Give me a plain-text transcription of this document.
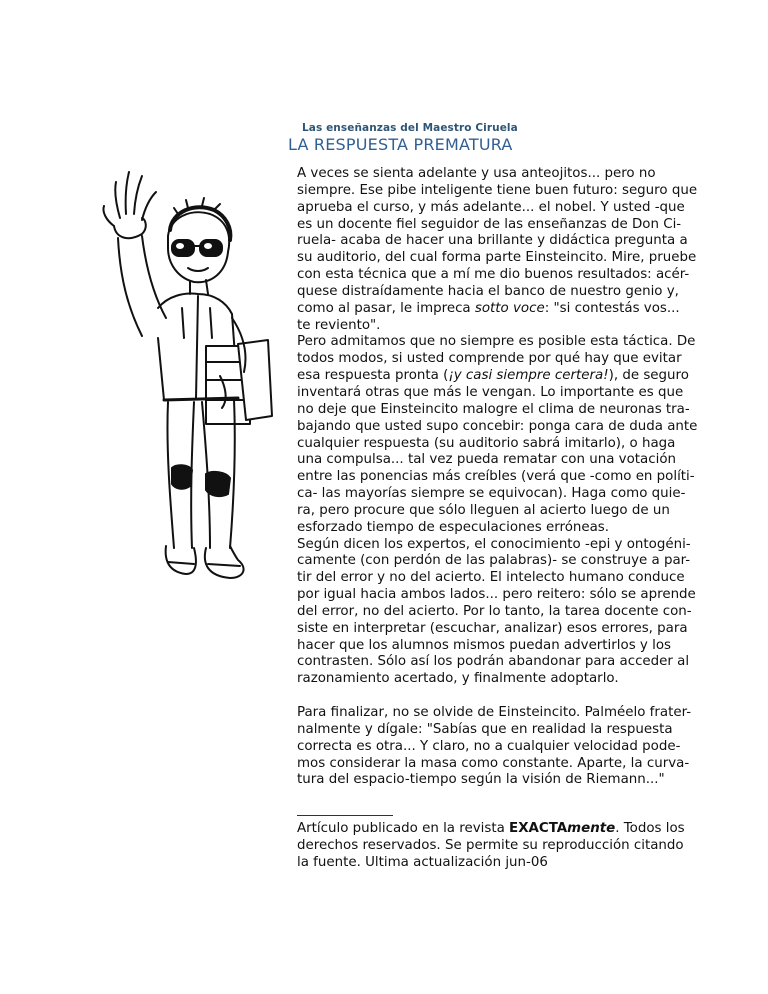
Las enseñanzas del Maestro Ciruela
LA RESPUESTA PREMATURA
A veces se sienta adelante y usa anteojitos... pero no
siempre. Ese pibe inteligente tiene buen futuro: seguro que
aprueba el curso, y más adelante... el nobel. Y usted -que
es un docente fiel seguidor de las enseñanzas de Don Ci-
ruela- acaba de hacer una brillante y didáctica pregunta a
su auditorio, del cual forma parte Einsteincito. Mire, pruebe
con esta técnica que a mí me dio buenos resultados: acér-
quese distraídamente hacia el banco de nuestro genio y,
como al pasar, le impreca sotto voce: "si contestás vos...
te reviento".
Pero admitamos que no siempre es posible esta táctica. De
todos modos, si usted comprende por qué hay que evitar
esa respuesta pronta (¡y casi siempre certera!), de seguro
inventará otras que más le vengan. Lo importante es que
no deje que Einsteincito malogre el clima de neuronas tra-
bajando que usted supo concebir: ponga cara de duda ante
cualquier respuesta (su auditorio sabrá imitarlo), o haga
una compulsa... tal vez pueda rematar con una votación
entre las ponencias más creíbles (verá que -como en políti-
ca- las mayorías siempre se equivocan). Haga como quie-
ra, pero procure que sólo lleguen al acierto luego de un
esforzado tiempo de especulaciones erróneas.
Según dicen los expertos, el conocimiento -epi y ontogéni-
camente (con perdón de las palabras)- se construye a par-
tir del error y no del acierto. El intelecto humano conduce
por igual hacia ambos lados... pero reitero: sólo se aprende
del error, no del acierto. Por lo tanto, la tarea docente con-
siste en interpretar (escuchar, analizar) esos errores, para
hacer que los alumnos mismos puedan advertirlos y los
contrasten. Sólo así los podrán abandonar para acceder al
razonamiento acertado, y finalmente adoptarlo.
Para finalizar, no se olvide de Einsteincito. Palméelo frater-
nalmente y dígale: "Sabías que en realidad la respuesta
correcta es otra... Y claro, no a cualquier velocidad pode-
mos considerar la masa como constante. Aparte, la curva-
tura del espacio-tiempo según la visión de Riemann..."
Artículo publicado en la revista EXACTAmente. Todos los
derechos reservados. Se permite su reproducción citando
la fuente. Ultima actualización jun-06
